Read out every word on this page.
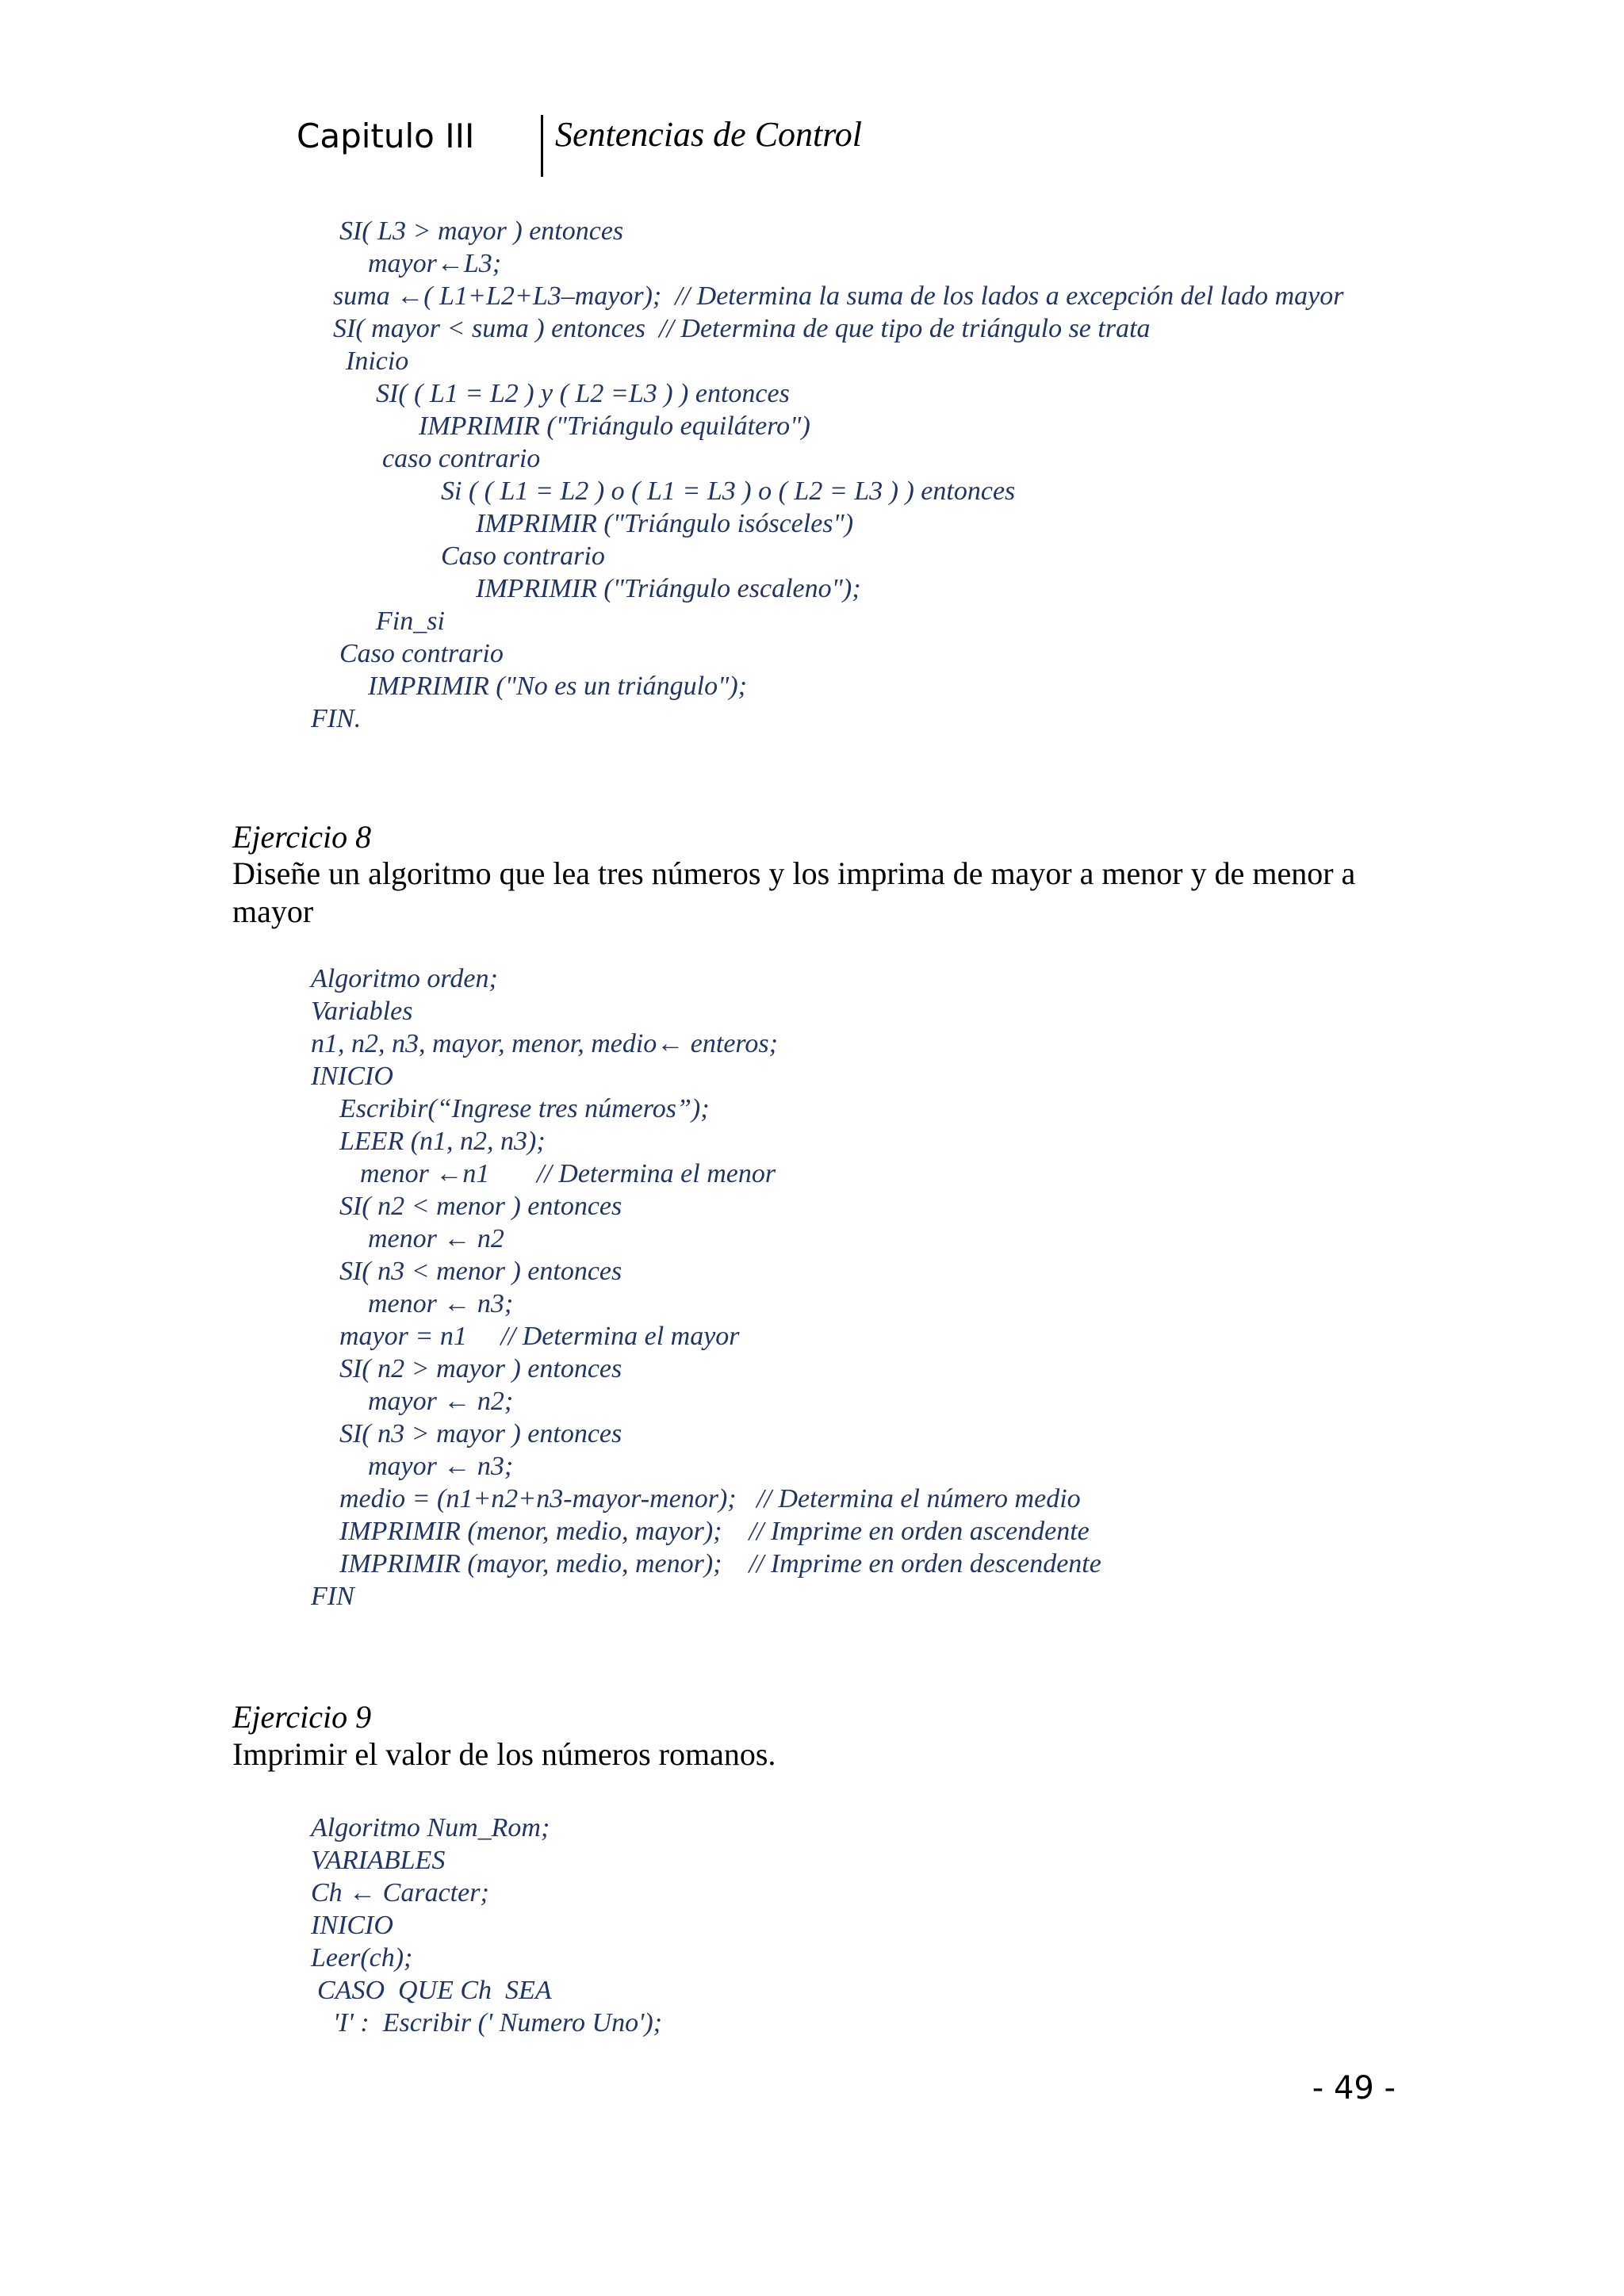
Capitulo III Sentencias de Control

SI( L3 > mayor ) entonces

mayor←L3;

suma ←( L1+L2+L3–mayor);  // Determina la suma de los lados a excepción del lado mayor

SI( mayor < suma ) entonces  // Determina de que tipo de triángulo se trata

Inicio

SI( ( L1 = L2 ) y ( L2 =L3 ) ) entonces

IMPRIMIR ("Triángulo equilátero")

caso contrario

Si ( ( L1 = L2 ) o ( L1 = L3 ) o ( L2 = L3 ) ) entonces

IMPRIMIR ("Triángulo isósceles")

Caso contrario

IMPRIMIR ("Triángulo escaleno");

Fin_si

Caso contrario

IMPRIMIR ("No es un triángulo");

FIN.

Ejercicio 8
Diseñe un algoritmo que lea tres números y los imprima de mayor a menor y de menor a mayor

Algoritmo orden;

Variables

n1, n2, n3, mayor, menor, medio← enteros;

INICIO

Escribir(“Ingrese tres números”);

LEER (n1, n2, n3);

menor ←n1       // Determina el menor

SI( n2 < menor ) entonces

menor ← n2

SI( n3 < menor ) entonces

menor ← n3;

mayor = n1     // Determina el mayor

SI( n2 > mayor ) entonces

mayor ← n2;

SI( n3 > mayor ) entonces

mayor ← n3;

medio = (n1+n2+n3-mayor-menor);   // Determina el número medio

IMPRIMIR (menor, medio, mayor);    // Imprime en orden ascendente

IMPRIMIR (mayor, medio, menor);    // Imprime en orden descendente

FIN

Ejercicio 9
Imprimir el valor de los números romanos.

Algoritmo Num_Rom;

VARIABLES

Ch ← Caracter;

INICIO

Leer(ch);

CASO  QUE Ch  SEA

'I' :  Escribir (' Numero Uno');

- 49 -
